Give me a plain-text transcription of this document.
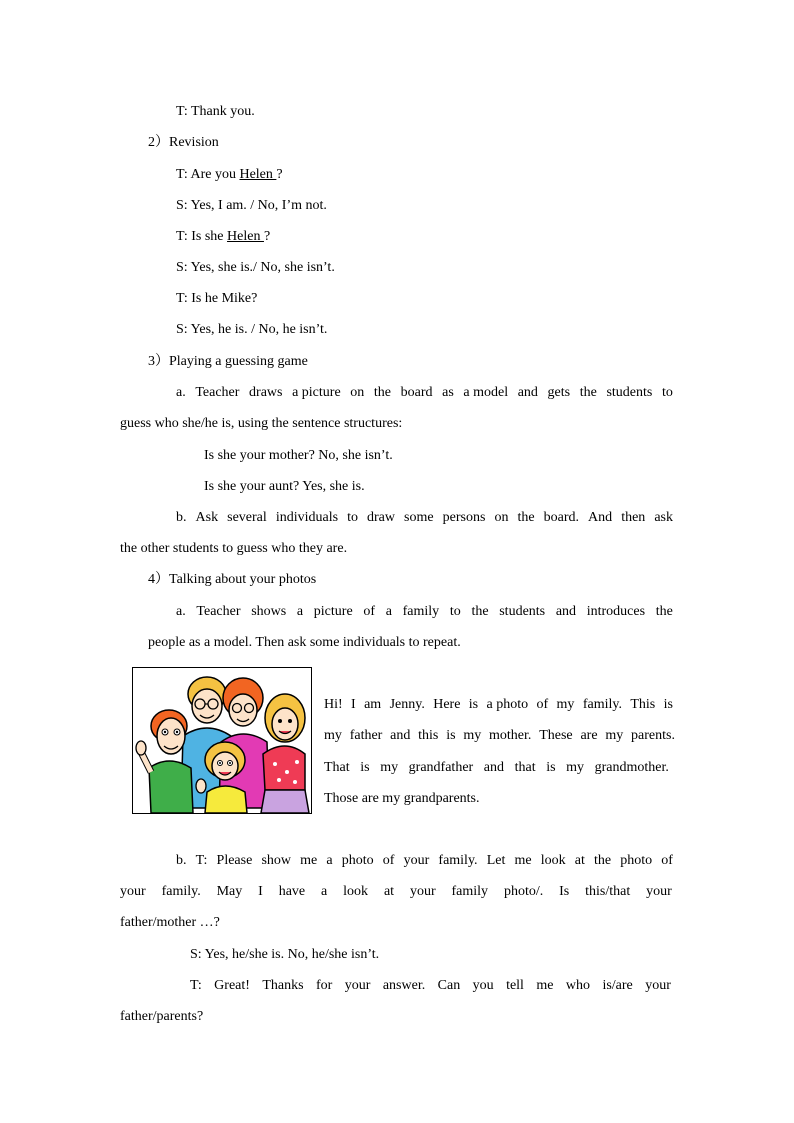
T: Thank you.
2）Revision
T: Are you Helen ?
S: Yes, I am. / No, I’m not.
T: Is she Helen ?
S: Yes, she is./ No, she isn’t.
T: Is he Mike?
S: Yes, he is. / No, he isn’t.
3）Playing a guessing game
a. Teacher draws a picture on the board as a model and gets the students to
guess who she/he is, using the sentence structures:
Is she your mother? No, she isn’t.
Is she your aunt? Yes, she is.
b. Ask several individuals to draw some persons on the board. And then ask
the other students to guess who they are.
4）Talking about your photos
a. Teacher shows a picture of a family to the students and introduces the
people as a model. Then ask some individuals to repeat.
Hi! I am Jenny. Here is a photo of my family. This is
my father and this is my mother. These are my parents.
That is my grandfather and that is my grandmother.
Those are my grandparents.
b. T: Please show me a photo of your family. Let me look at the photo of
your family. May I have a look at your family photo/. Is this/that your
father/mother …?
S: Yes, he/she is. No, he/she isn’t.
T: Great! Thanks for your answer. Can you tell me who is/are your
father/parents?
